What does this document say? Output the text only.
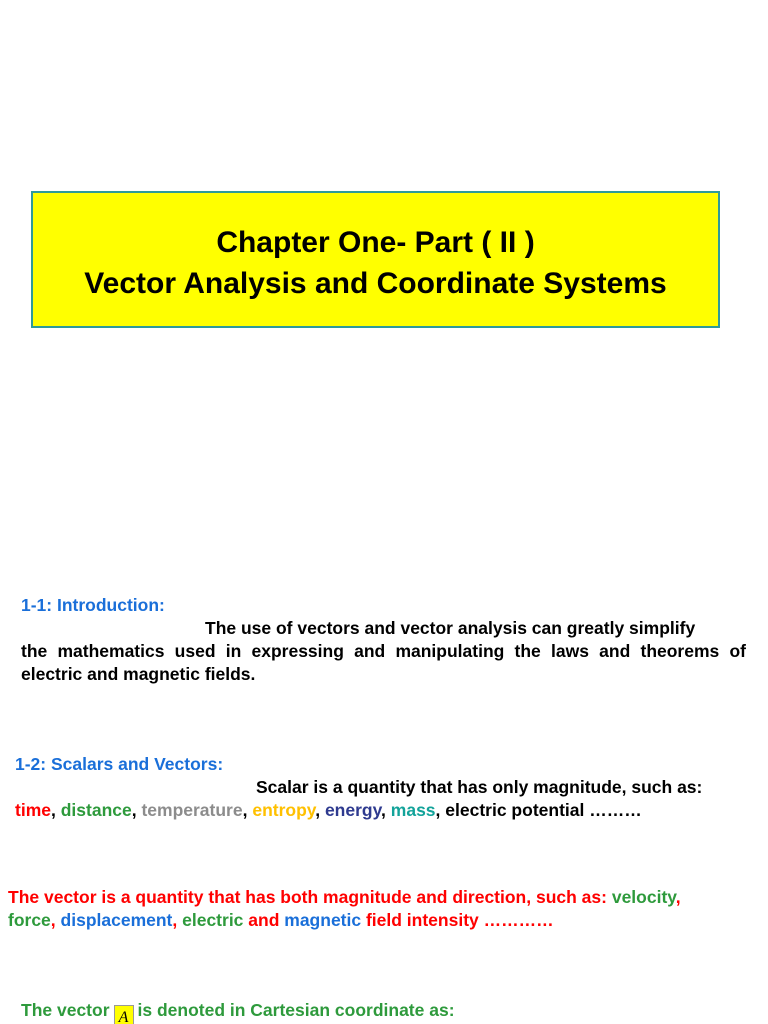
Chapter One- Part ( II )
Vector Analysis and Coordinate Systems
1-1: Introduction:
The use of vectors and vector analysis can greatly simplify
the mathematics used in expressing and manipulating the laws and theorems of electric and magnetic fields.
1-2: Scalars and Vectors:
Scalar is a quantity that has only magnitude, such as:
time, distance, temperature, entropy, energy, mass, electric potential ………
The vector is a quantity that has both magnitude and direction, such as: velocity,
force, displacement, electric and magnetic field intensity …………
The vector A is denoted in Cartesian coordinate as:
